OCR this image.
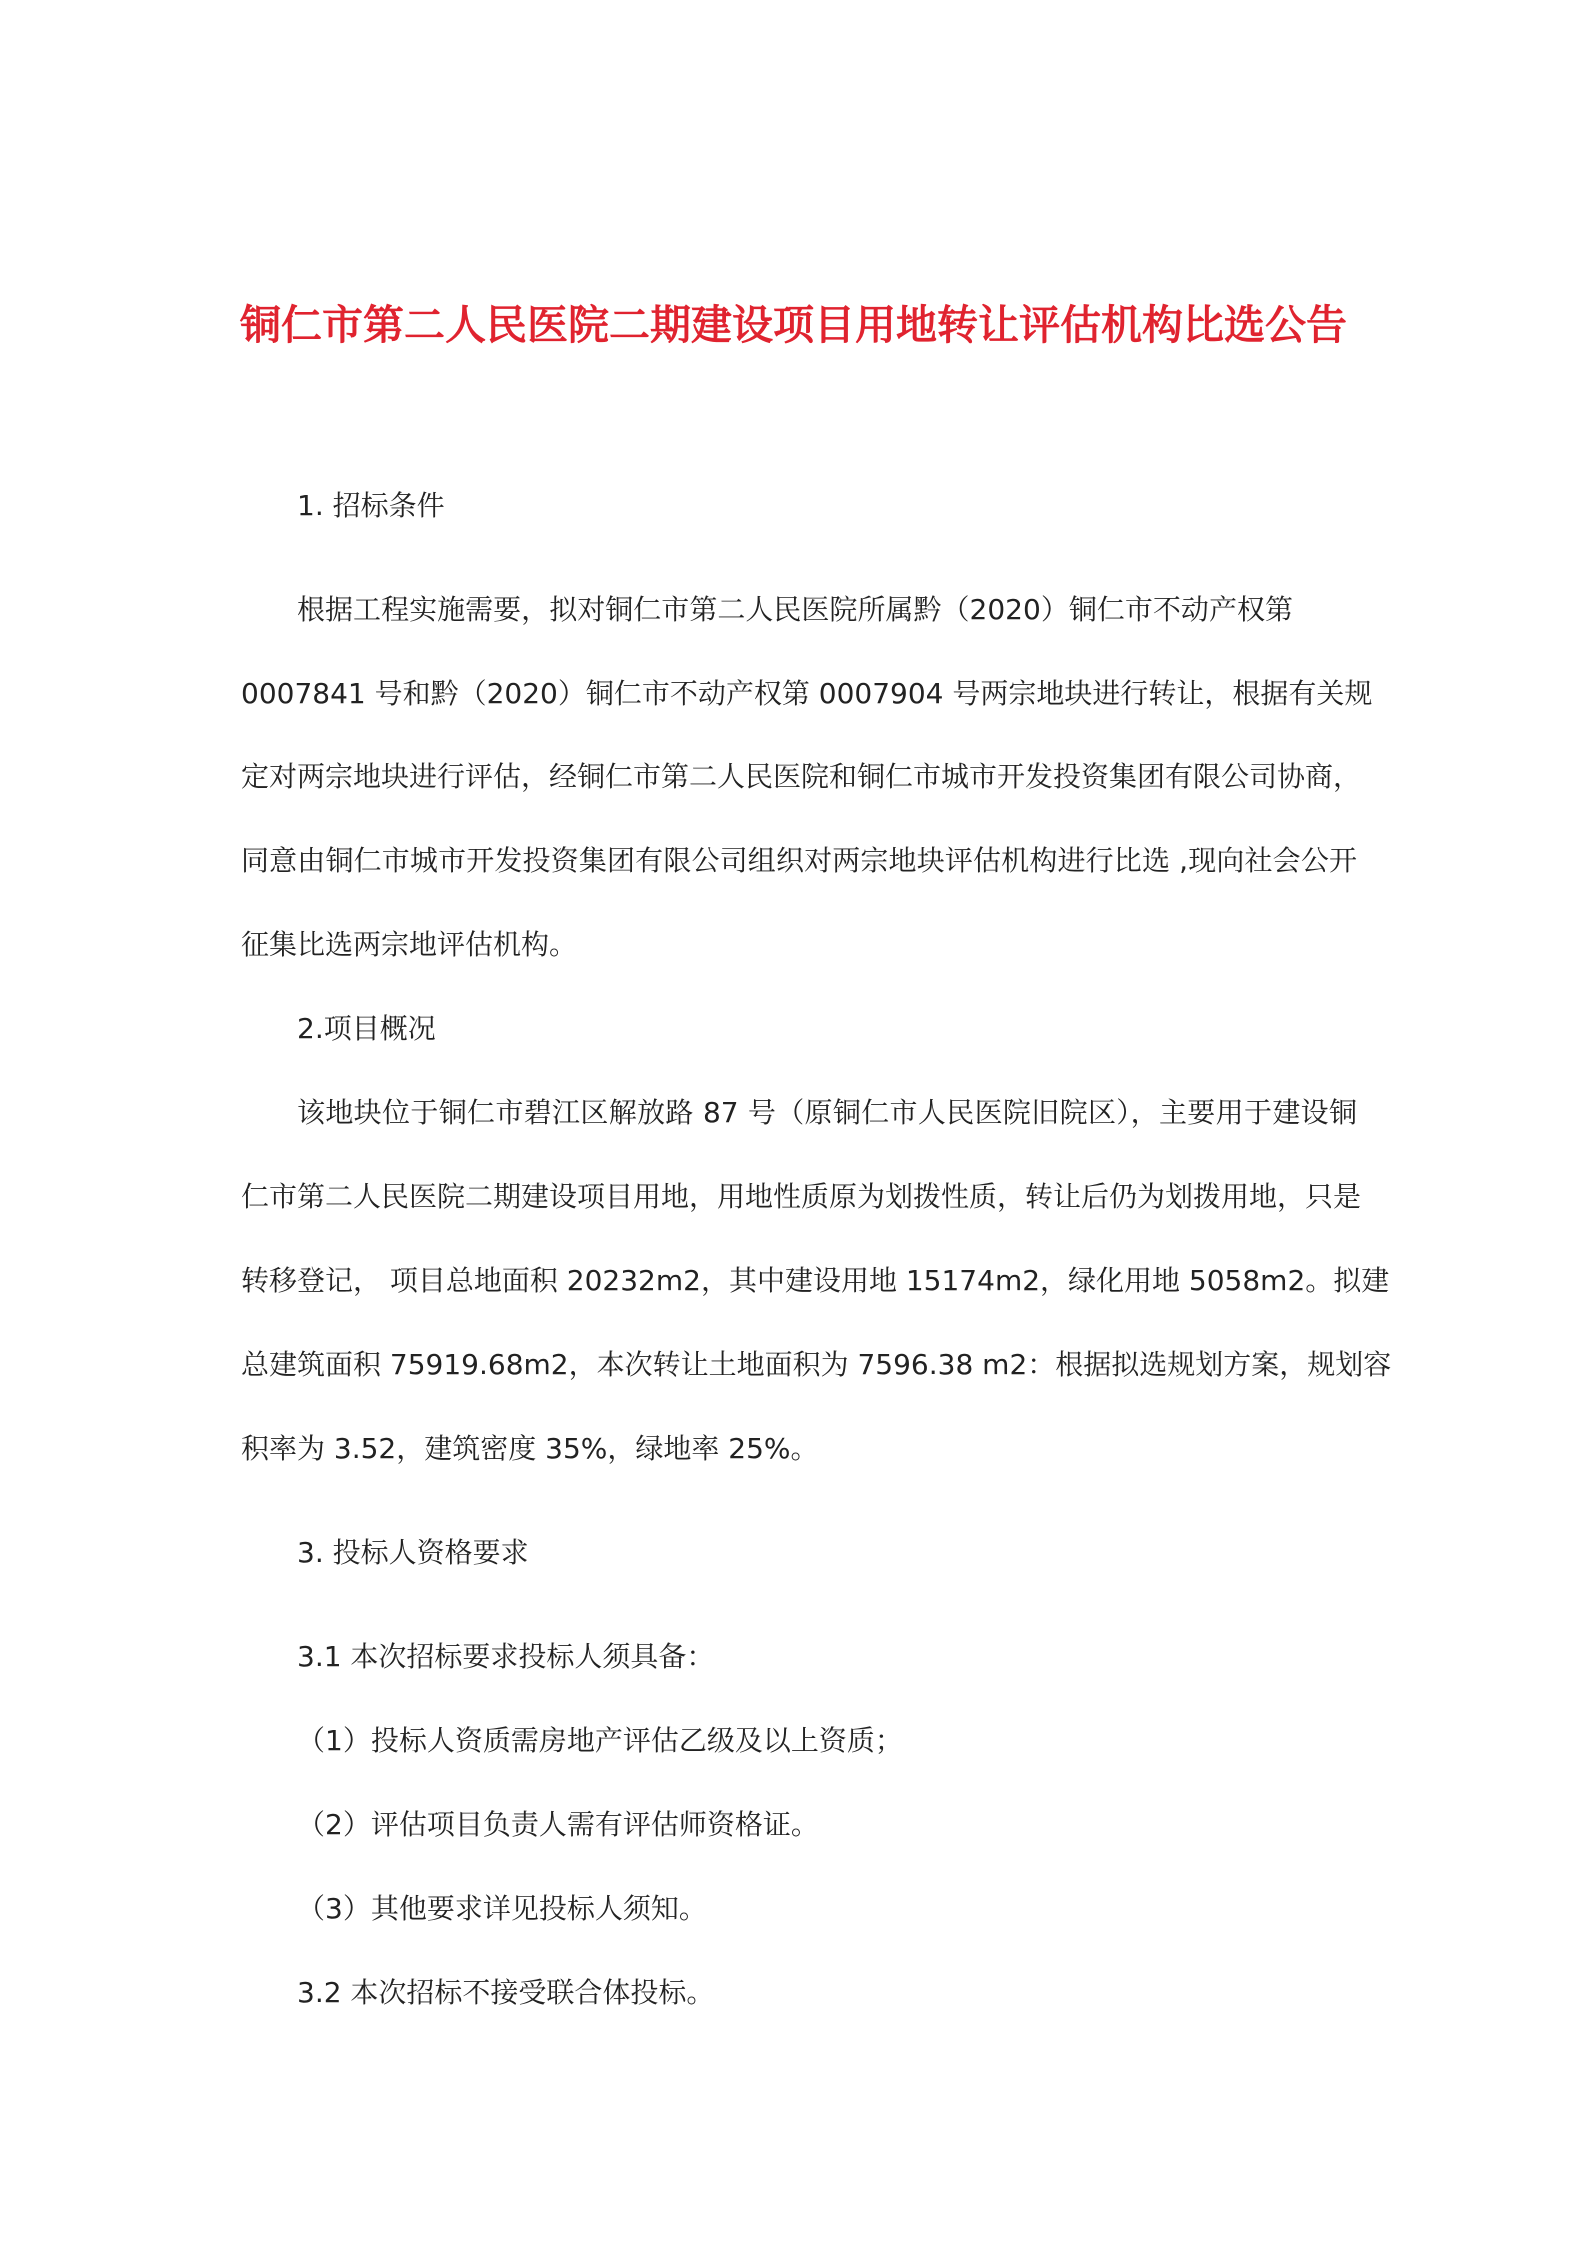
铜仁市第二人民医院二期建设项目用地转让评估机构比选公告
1. 招标条件
根据工程实施需要，拟对铜仁市第二人民医院所属黔（2020）铜仁市不动产权第
0007841 号和黔（2020）铜仁市不动产权第 0007904 号两宗地块进行转让，根据有关规
定对两宗地块进行评估，经铜仁市第二人民医院和铜仁市城市开发投资集团有限公司协商，
同意由铜仁市城市开发投资集团有限公司组织对两宗地块评估机构进行比选 ,现向社会公开
征集比选两宗地评估机构。
2.项目概况
该地块位于铜仁市碧江区解放路 87 号（原铜仁市人民医院旧院区），主要用于建设铜
仁市第二人民医院二期建设项目用地，用地性质原为划拨性质，转让后仍为划拨用地，只是
转移登记， 项目总地面积 20232m2，其中建设用地 15174m2，绿化用地 5058m2。拟建
总建筑面积 75919.68m2，本次转让土地面积为 7596.38 m2：根据拟选规划方案，规划容
积率为 3.52，建筑密度 35%，绿地率 25%。
3. 投标人资格要求
3.1 本次招标要求投标人须具备：
（1）投标人资质需房地产评估乙级及以上资质；
（2）评估项目负责人需有评估师资格证。
（3）其他要求详见投标人须知。
3.2 本次招标不接受联合体投标。
